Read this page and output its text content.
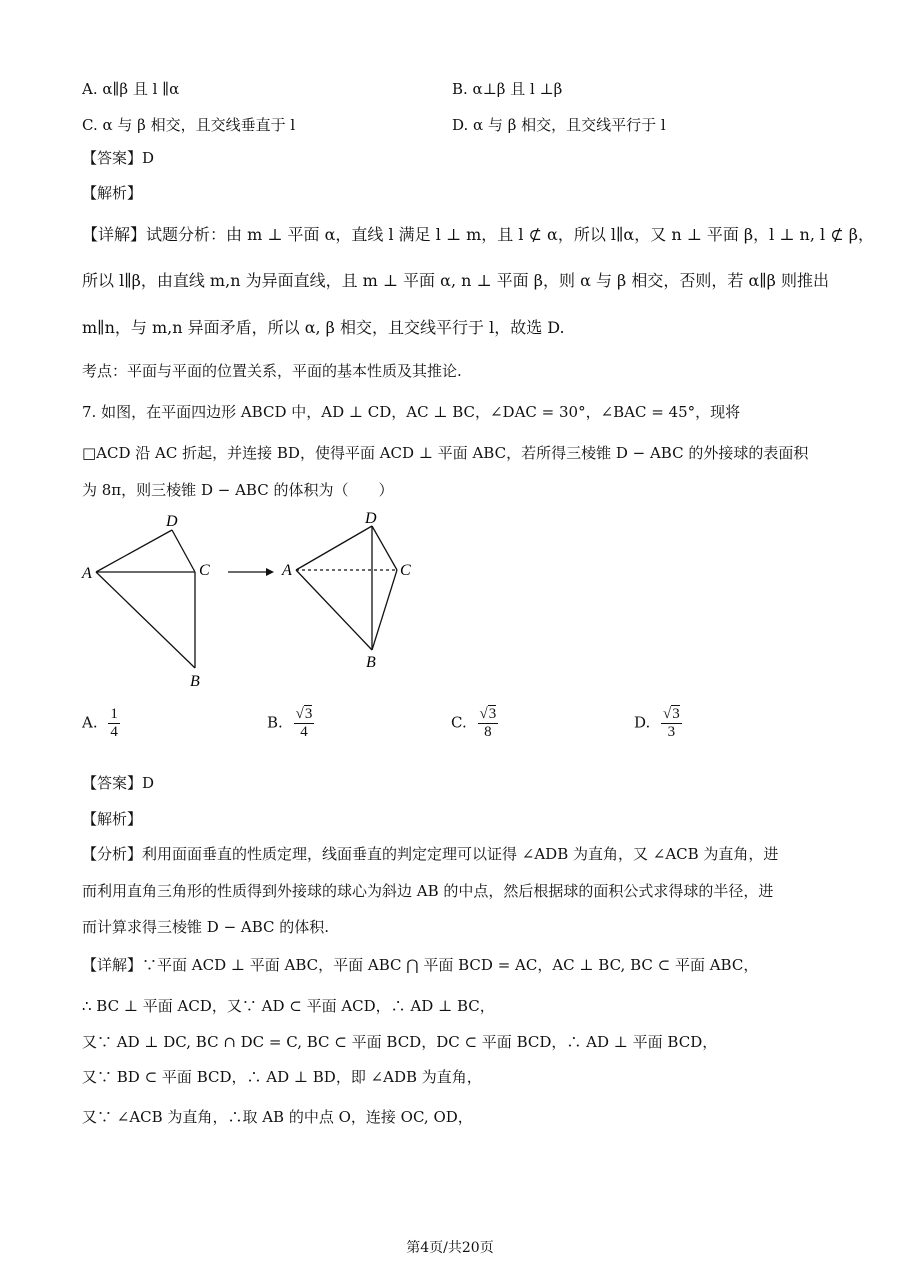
A. α∥β 且 l ∥α	B. α⊥β 且 l ⊥β
C. α 与 β 相交，且交线垂直于 l	D. α 与 β 相交，且交线平行于 l
【答案】D
【解析】
【详解】试题分析：由 m ⊥ 平面 α，直线 l 满足 l ⊥ m，且 l ⊄ α，所以 l∥α，又 n ⊥ 平面 β，l ⊥ n, l ⊄ β，
所以 l∥β，由直线 m,n 为异面直线，且 m ⊥ 平面 α, n ⊥ 平面 β，则 α 与 β 相交，否则，若 α∥β 则推出
m∥n，与 m,n 异面矛盾，所以 α, β 相交，且交线平行于 l，故选 D.
考点：平面与平面的位置关系，平面的基本性质及其推论.
7. 如图，在平面四边形 ABCD 中，AD ⊥ CD，AC ⊥ BC，∠DAC = 30°，∠BAC = 45°，现将
□ACD 沿 AC 折起，并连接 BD，使得平面 ACD ⊥ 平面 ABC，若所得三棱锥 D − ABC 的外接球的表面积
为 8π，则三棱锥 D − ABC 的体积为（　　）
D
A	C
B
D
A	C
B
A. $\frac{1}{4}$	B. $\frac{√3}{4}$	C. $\frac{√3}{8}$	D. $\frac{√3}{3}$
【答案】D
【解析】
【分析】利用面面垂直的性质定理，线面垂直的判定定理可以证得 ∠ADB 为直角，又 ∠ACB 为直角，进
而利用直角三角形的性质得到外接球的球心为斜边 AB 的中点，然后根据球的面积公式求得球的半径，进
而计算求得三棱锥 D − ABC 的体积.
【详解】∵平面 ACD ⊥ 平面 ABC，平面 ABC ⋂ 平面 BCD = AC，AC ⊥ BC, BC ⊂ 平面 ABC，
∴ BC ⊥ 平面 ACD，又∵ AD ⊂ 平面 ACD，∴ AD ⊥ BC，
又∵ AD ⊥ DC, BC ∩ DC = C, BC ⊂ 平面 BCD，DC ⊂ 平面 BCD，∴ AD ⊥ 平面 BCD，
又∵ BD ⊂ 平面 BCD，∴ AD ⊥ BD，即 ∠ADB 为直角，
又∵ ∠ACB 为直角，∴取 AB 的中点 O，连接 OC, OD，
第4页/共20页
